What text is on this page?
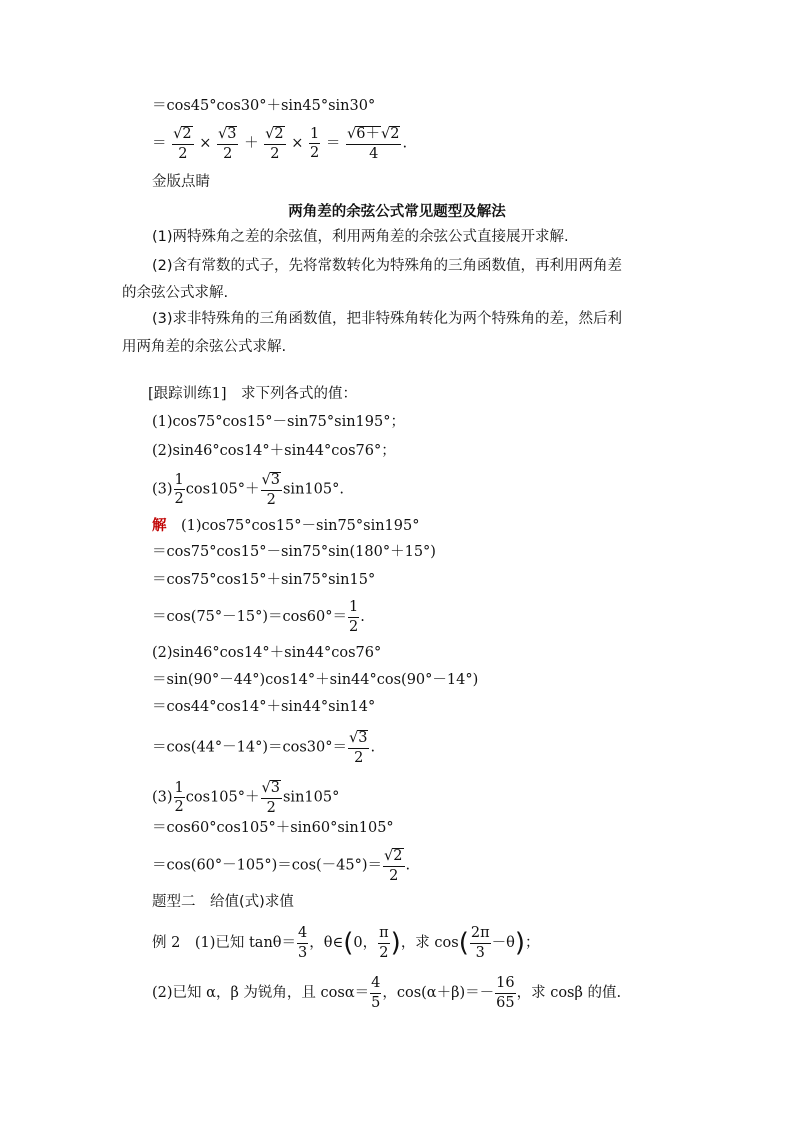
＝cos45°cos30°＋sin45°sin30°
＝ $\frac{√2}{2} \times \frac{√3}{2} + \frac{√2}{2} \times \frac{1}{2} = \frac{√6+√2}{4}$ .
金版点睛
两角差的余弦公式常见题型及解法
(1)两特殊角之差的余弦值，利用两角差的余弦公式直接展开求解.
(2)含有常数的式子，先将常数转化为特殊角的三角函数值，再利用两角差
的余弦公式求解.
(3)求非特殊角的三角函数值，把非特殊角转化为两个特殊角的差，然后利
用两角差的余弦公式求解.
[跟踪训练1]　求下列各式的值：
(1)cos75°cos15°－sin75°sin195°；
(2)sin46°cos14°＋sin44°cos76°；
$(3) \frac{1}{2} \cos 105^\circ+ \frac{√3}{2} \sin 105^\circ$.
解　 (1)cos75°cos15°－sin75°sin195°
＝cos75°cos15°－sin75°sin(180°＋15°)
＝cos75°cos15°＋sin75°sin15°
$=\cos(75^\circ-15^\circ)=\cos 60^\circ= \frac{1}{2}$ .
(2)sin46°cos14°＋sin44°cos76°
＝sin(90°－44°)cos14°＋sin44°cos(90°－14°)
＝cos44°cos14°＋sin44°sin14°
$=\cos(44^\circ-14^\circ)=\cos 30^\circ= \frac{√3}{2}$ .
$(3) \frac{1}{2} \cos 105^\circ+ \frac{√3}{2} \sin 105^\circ$
＝cos60°cos105°＋sin60°sin105°
$=\cos(60^\circ-105^\circ)=\cos(-45^\circ)= \frac{√2}{2}$ .
题型二　给值(式)求值
例 2　(1)已知 $\tan\theta= \frac{4}{3}$ ，θ∈(0， $\frac{\pi}{2}$ )，求 $\cos( \frac{2\pi}{3} -\theta)$；
(2)已知 α，β 为锐角，且 $\cos\alpha= \frac{4}{5}$ ，$\cos(\alpha+\beta)=- \frac{16}{65}$ ，求 cosβ 的值.
